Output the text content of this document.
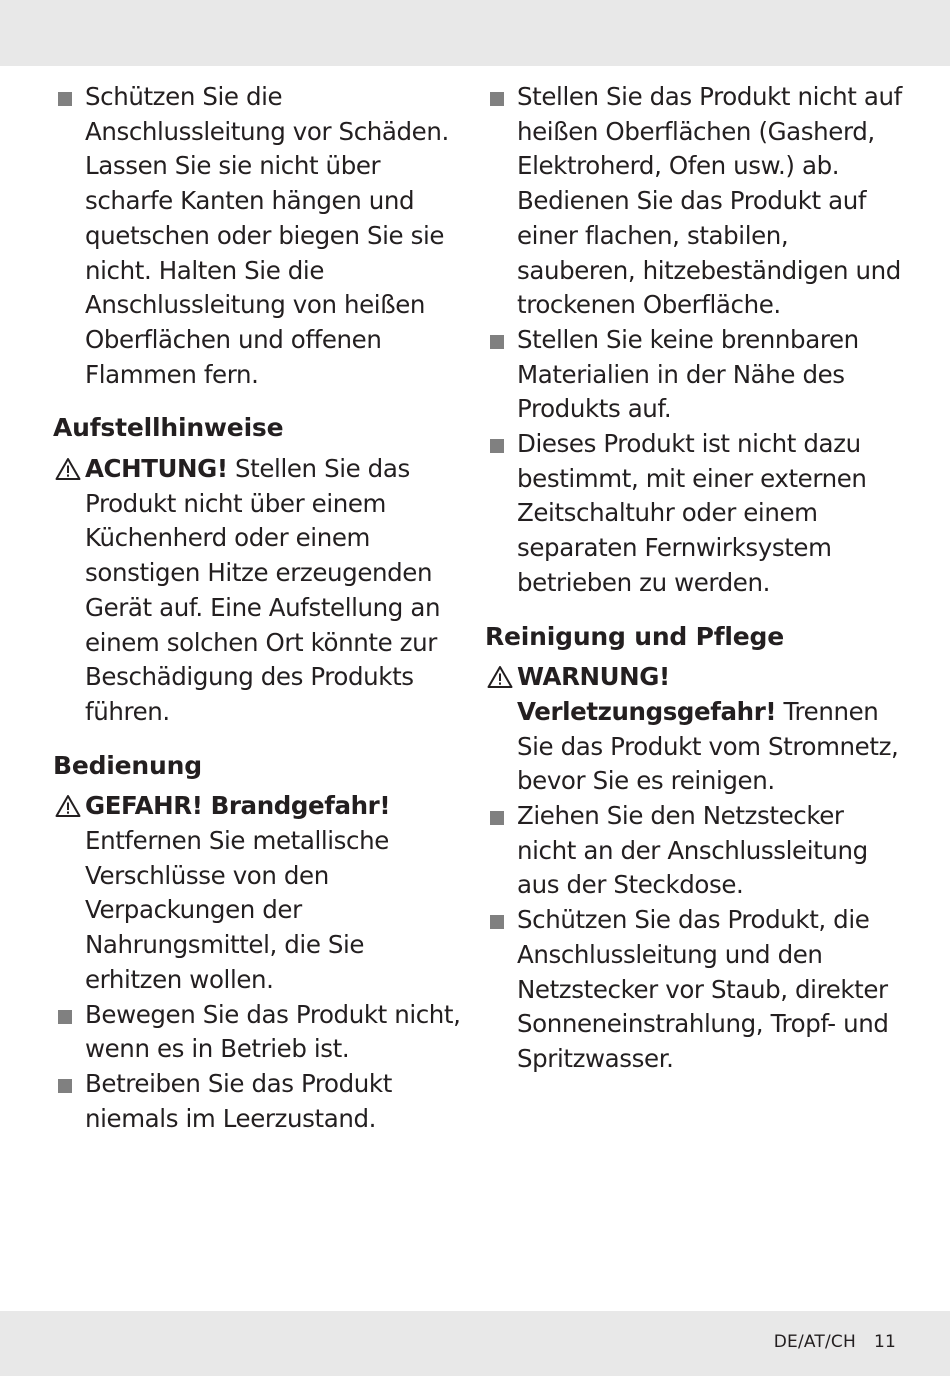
Schützen Sie die Anschlussleitung vor Schäden. Lassen Sie sie nicht über scharfe Kanten hängen und quetschen oder biegen Sie sie nicht. Halten Sie die Anschlussleitung von heißen Oberflächen und offenen Flammen fern.
Aufstellhinweise
ACHTUNG! Stellen Sie das Produkt nicht über einem Küchenherd oder einem sonstigen Hitze erzeugenden Gerät auf. Eine Aufstellung an einem solchen Ort könnte zur Beschädigung des Produkts führen.
Bedienung
GEFAHR! Brandgefahr! Entfernen Sie metallische Verschlüsse von den Verpackungen der Nahrungsmittel, die Sie erhitzen wollen.
Bewegen Sie das Produkt nicht, wenn es in Betrieb ist.
Betreiben Sie das Produkt niemals im Leerzustand.
Stellen Sie das Produkt nicht auf heißen Oberflächen (Gasherd, Elektroherd, Ofen usw.) ab. Bedienen Sie das Produkt auf einer flachen, stabilen, sauberen, hitzebeständigen und trockenen Oberfläche.
Stellen Sie keine brennbaren Materialien in der Nähe des Produkts auf.
Dieses Produkt ist nicht dazu bestimmt, mit einer externen Zeitschaltuhr oder einem separaten Fernwirksystem betrieben zu werden.
Reinigung und Pflege
WARNUNG! Verletzungsgefahr! Trennen Sie das Produkt vom Stromnetz, bevor Sie es reinigen.
Ziehen Sie den Netzstecker nicht an der Anschlussleitung aus der Steckdose.
Schützen Sie das Produkt, die Anschlussleitung und den Netzstecker vor Staub, direkter Sonneneinstrahlung, Tropf- und Spritzwasser.
DE/AT/CH 11
